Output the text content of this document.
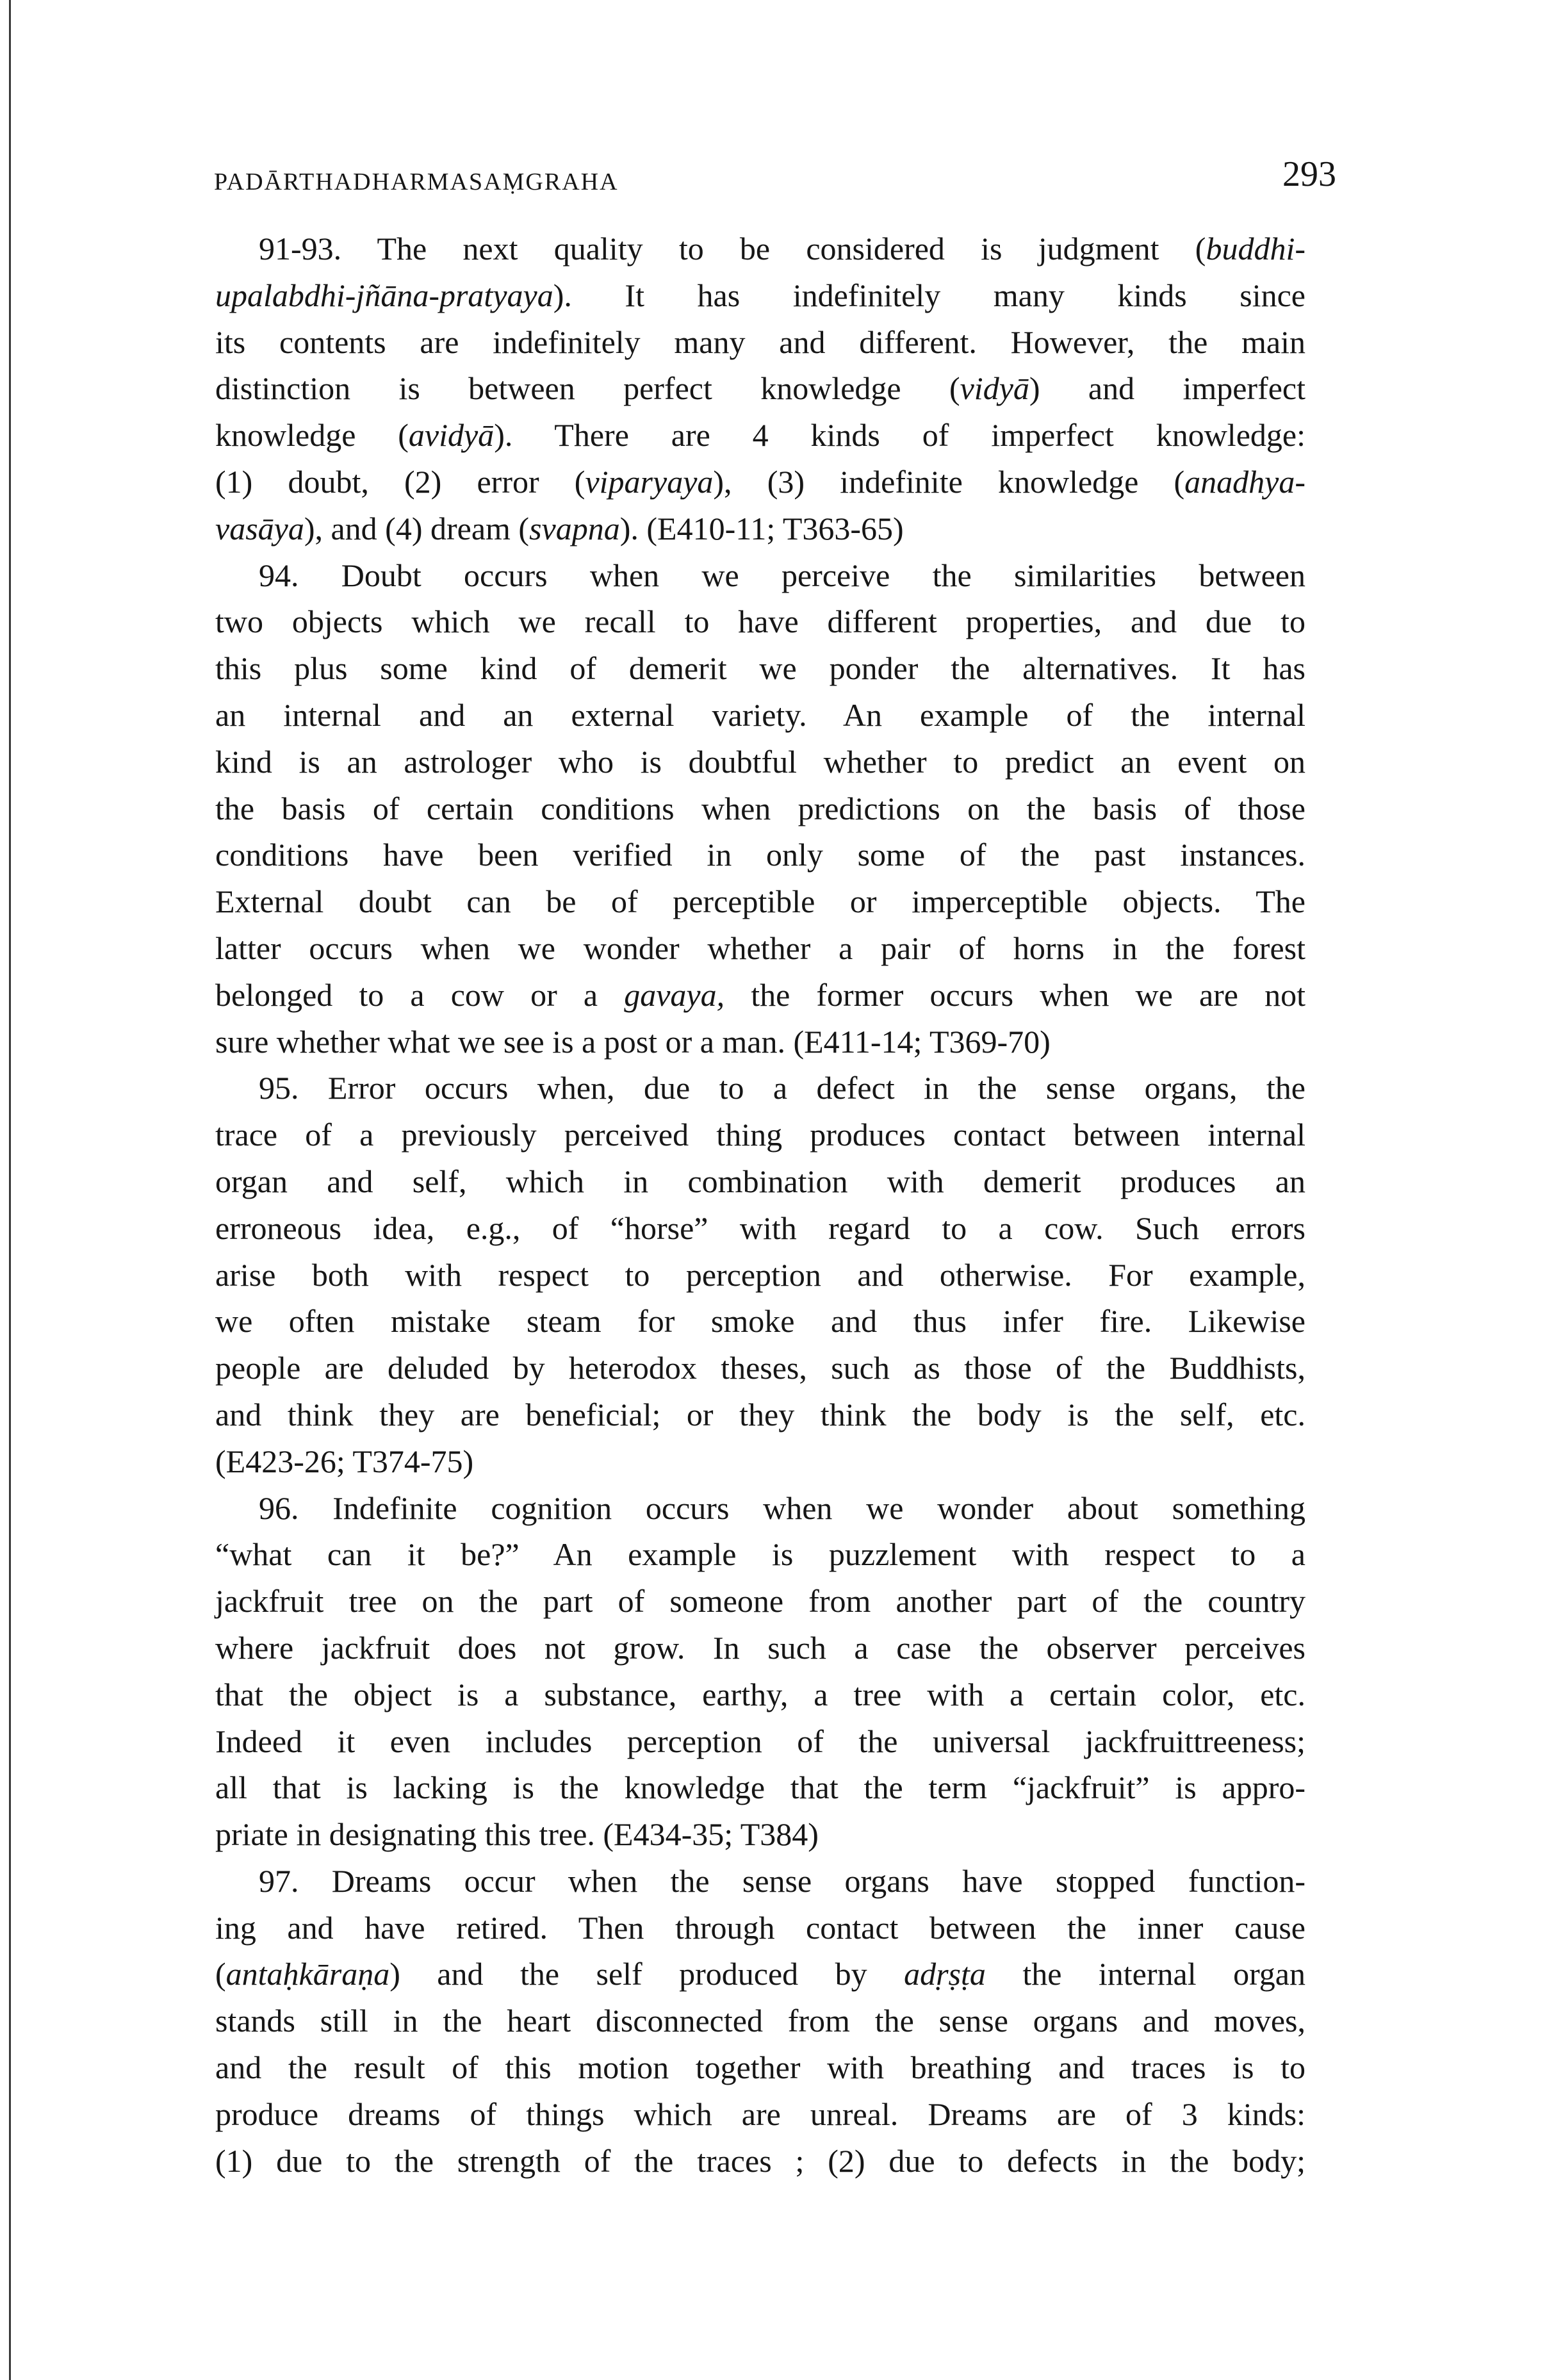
PADĀRTHADHARMASAṂGRAHA	293
91-93. The next quality to be considered is judgment (buddhi-
upalabdhi-jñāna-pratyaya). It has indefinitely many kinds since
its contents are indefinitely many and different. However, the main
distinction is between perfect knowledge (vidyā) and imperfect
knowledge (avidyā). There are 4 kinds of imperfect knowledge:
(1) doubt, (2) error (viparyaya), (3) indefinite knowledge (anadhya-
vasāya), and (4) dream (svapna). (E410-11; T363-65)
94. Doubt occurs when we perceive the similarities between
two objects which we recall to have different properties, and due to
this plus some kind of demerit we ponder the alternatives. It has
an internal and an external variety. An example of the internal
kind is an astrologer who is doubtful whether to predict an event on
the basis of certain conditions when predictions on the basis of those
conditions have been verified in only some of the past instances.
External doubt can be of perceptible or imperceptible objects. The
latter occurs when we wonder whether a pair of horns in the forest
belonged to a cow or a gavaya, the former occurs when we are not
sure whether what we see is a post or a man. (E411-14; T369-70)
95. Error occurs when, due to a defect in the sense organs, the
trace of a previously perceived thing produces contact between internal
organ and self, which in combination with demerit produces an
erroneous idea, e.g., of “horse” with regard to a cow. Such errors
arise both with respect to perception and otherwise. For example,
we often mistake steam for smoke and thus infer fire. Likewise
people are deluded by heterodox theses, such as those of the Buddhists,
and think they are beneficial; or they think the body is the self, etc.
(E423-26; T374-75)
96. Indefinite cognition occurs when we wonder about something
“what can it be?” An example is puzzlement with respect to a
jackfruit tree on the part of someone from another part of the country
where jackfruit does not grow. In such a case the observer perceives
that the object is a substance, earthy, a tree with a certain color, etc.
Indeed it even includes perception of the universal jackfruittreeness;
all that is lacking is the knowledge that the term “jackfruit” is appro-
priate in designating this tree. (E434-35; T384)
97. Dreams occur when the sense organs have stopped function-
ing and have retired. Then through contact between the inner cause
(antaḥkāraṇa) and the self produced by adṛṣṭa the internal organ
stands still in the heart disconnected from the sense organs and moves,
and the result of this motion together with breathing and traces is to
produce dreams of things which are unreal. Dreams are of 3 kinds:
(1) due to the strength of the traces ; (2) due to defects in the body;
